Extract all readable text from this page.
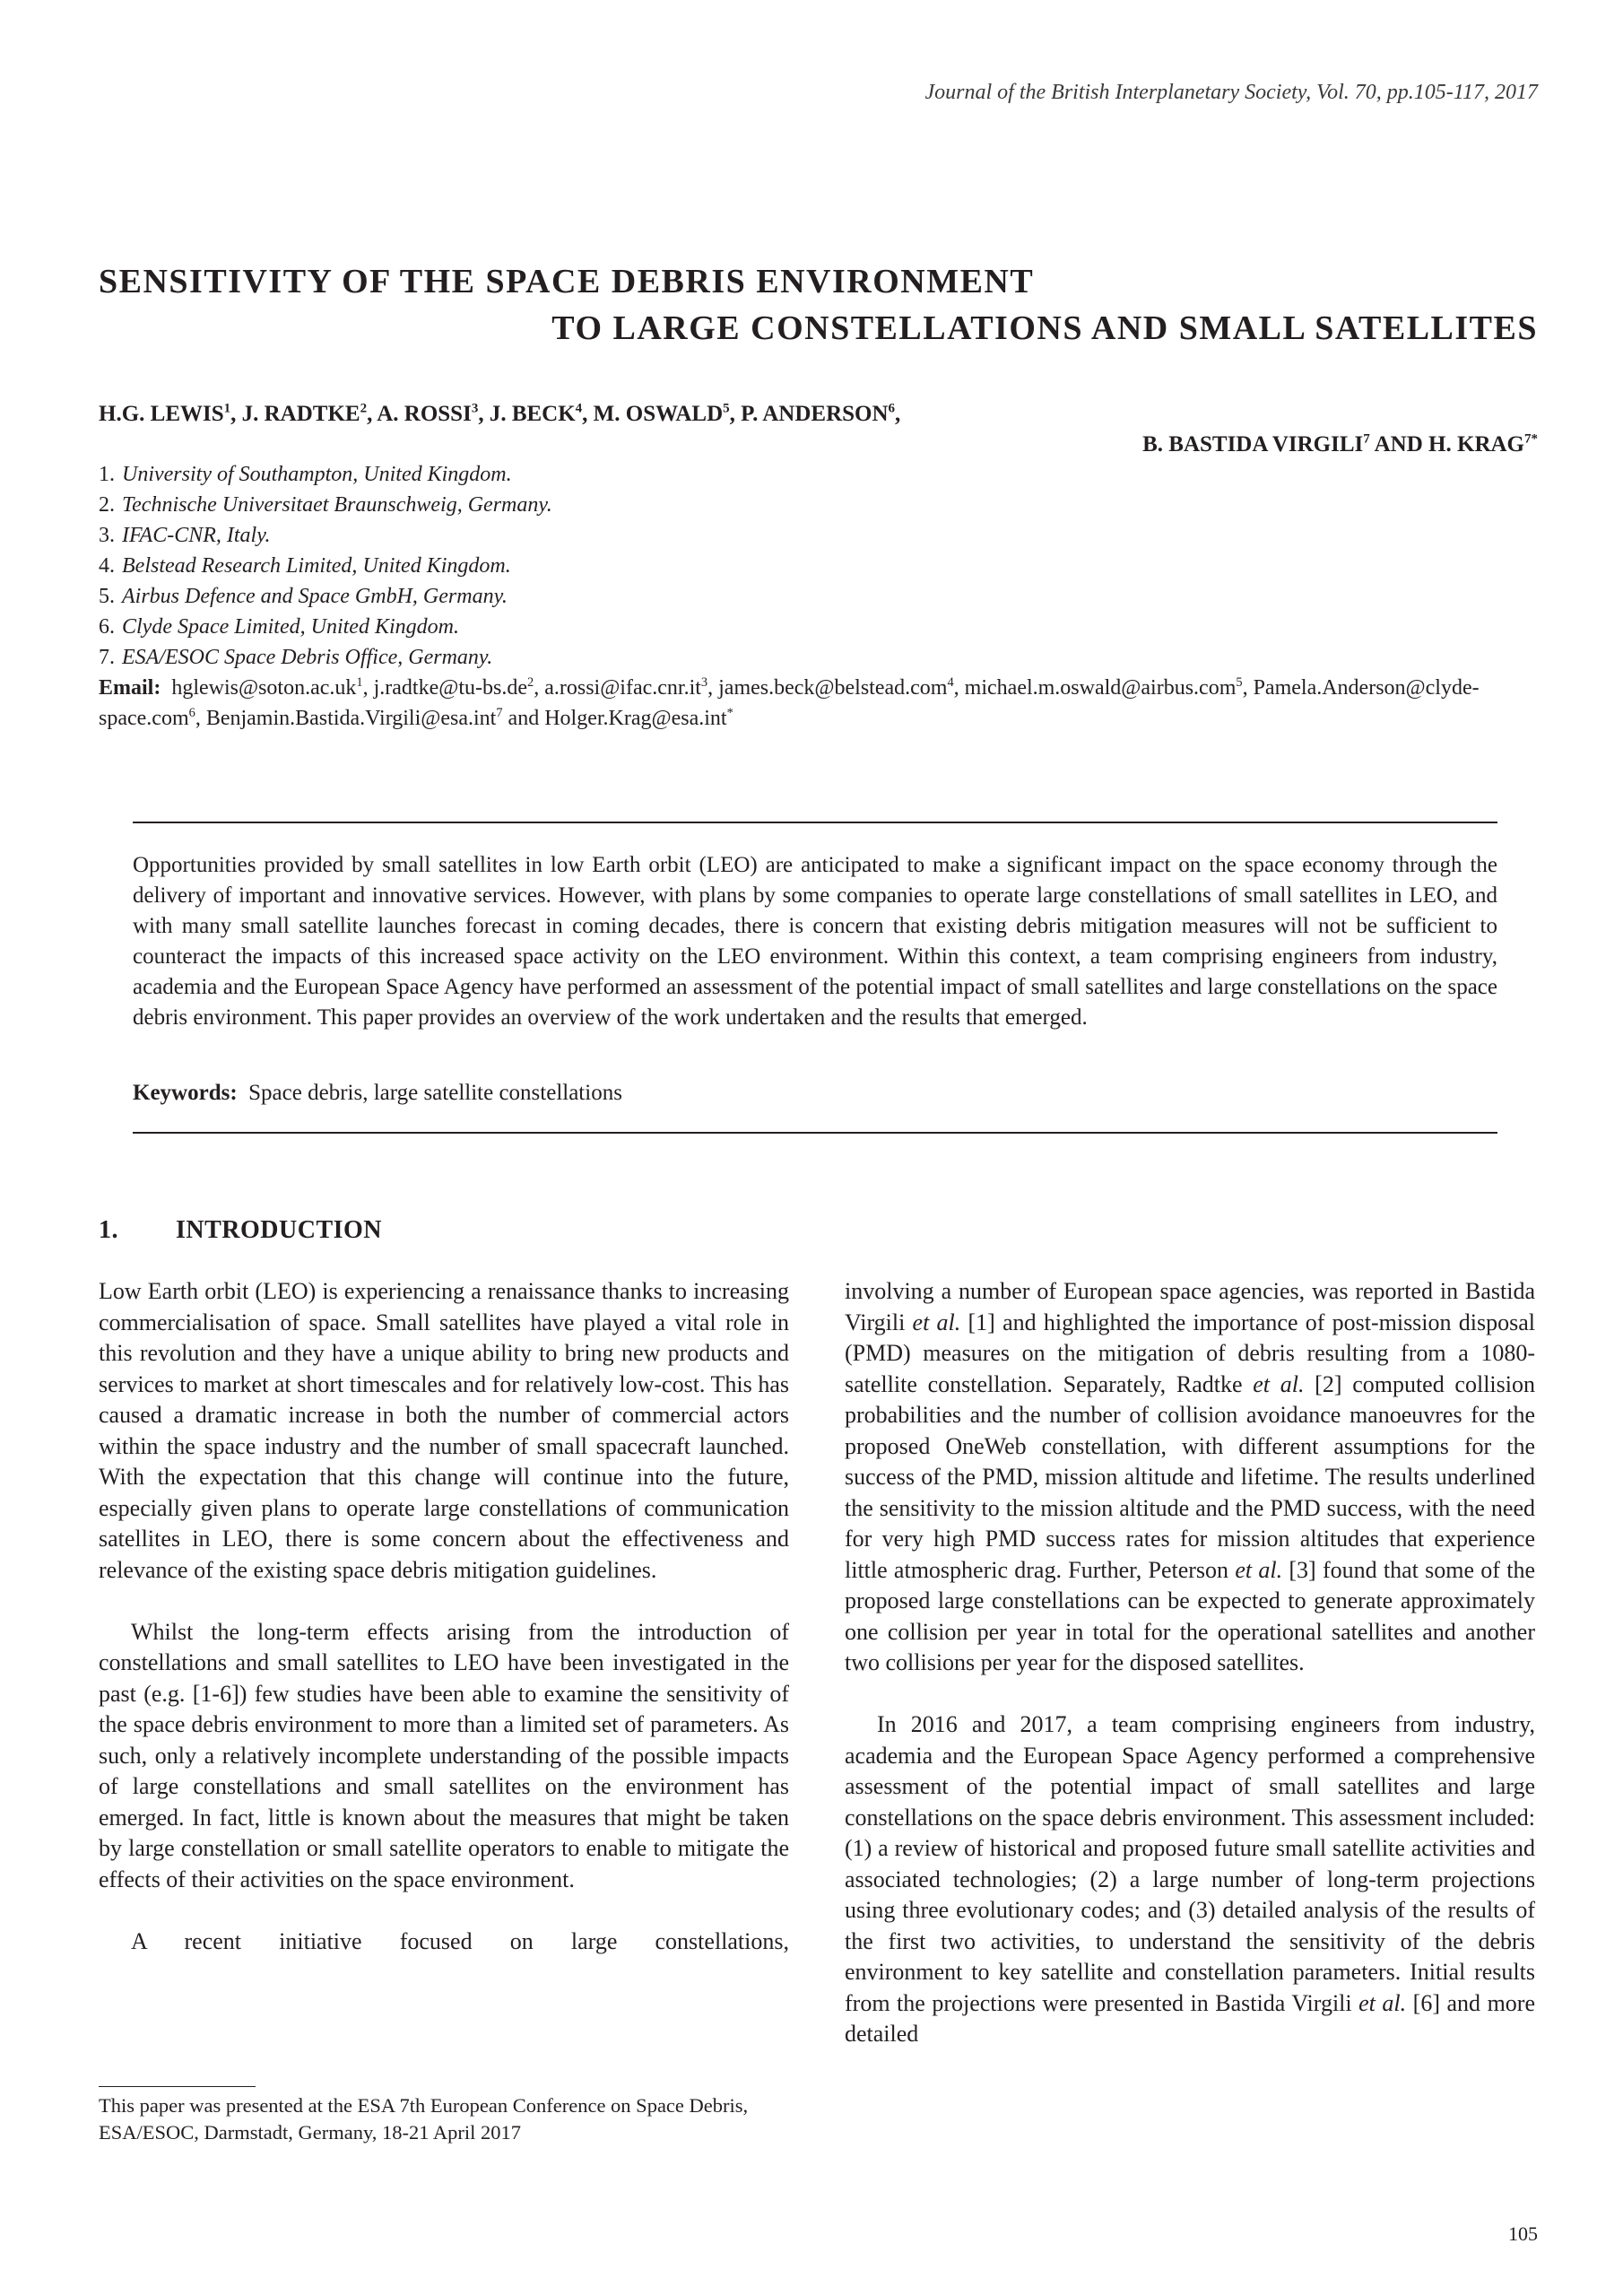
Journal of the British Interplanetary Society, Vol. 70, pp.105-117, 2017
SENSITIVITY OF THE SPACE DEBRIS ENVIRONMENT
TO LARGE CONSTELLATIONS AND SMALL SATELLITES
H.G. LEWIS$^1$, J. RADTKE$^2$, A. ROSSI$^3$, J. BECK$^4$, M. OSWALD$^5$, P. ANDERSON$^6$,
B. BASTIDA VIRGILI$^7$ AND H. $KRAG^{7*}$
1. University of Southampton, United Kingdom.
2. Technische Universitaet Braunschweig, Germany.
3. IFAC-CNR, Italy.
4. Belstead Research Limited, United Kingdom.
5. Airbus Defence and Space GmbH, Germany.
6. Clyde Space Limited, United Kingdom.
7. ESA/ESOC Space Debris Office, Germany.
Email: $hglewis@soton.ac.uk^1$, $j.radtke@tu-bs.de^2$, $a.rossi@ifac.cnr.it^3$, james.beck@belstead.com$^4$, michael.m.oswald@airbus.com$^5$, Pamela.Anderson@clyde-space.com$^6$, Benjamin.Bastida.Virgili@esa.int$^7$ and Holger.Krag@esa.int*
Opportunities provided by small satellites in low Earth orbit (LEO) are anticipated to make a significant impact on the space economy through the delivery of important and innovative services. However, with plans by some companies to operate large constellations of small satellites in LEO, and with many small satellite launches forecast in coming decades, there is concern that existing debris mitigation measures will not be sufficient to counteract the impacts of this increased space activity on the LEO environment. Within this context, a team comprising engineers from industry, academia and the European Space Agency have performed an assessment of the potential impact of small satellites and large constellations on the space debris environment. This paper provides an overview of the work undertaken and the results that emerged.
Keywords: Space debris, large satellite constellations
1. INTRODUCTION

Low Earth orbit (LEO) is experiencing a renaissance thanks to increasing commercialisation of space. Small satellites have played a vital role in this revolution and they have a unique ability to bring new products and services to market at short timescales and for relatively low-cost. This has caused a dramatic increase in both the number of commercial actors within the space industry and the number of small spacecraft launched. With the expectation that this change will continue into the future, especially given plans to operate large constellations of communication satellites in LEO, there is some concern about the effectiveness and relevance of the existing space debris mitigation guidelines.

Whilst the long-term effects arising from the introduction of constellations and small satellites to LEO have been investigated in the past (e.g. [1-6]) few studies have been able to examine the sensitivity of the space debris environment to more than a limited set of parameters. As such, only a relatively incomplete understanding of the possible impacts of large constellations and small satellites on the environment has emerged. In fact, little is known about the measures that might be taken by large constellation or small satellite operators to enable to mitigate the effects of their activities on the space environment.

A recent initiative focused on large constellations,

involving a number of European space agencies, was reported in Bastida Virgili et al. [1] and highlighted the importance of post-mission disposal (PMD) measures on the mitigation of debris resulting from a 1080-satellite constellation. Separately, Radtke et al. [2] computed collision probabilities and the number of collision avoidance manoeuvres for the proposed OneWeb constellation, with different assumptions for the success of the PMD, mission altitude and lifetime. The results underlined the sensitivity to the mission altitude and the PMD success, with the need for very high PMD success rates for mission altitudes that experience little atmospheric drag. Further, Peterson et al. [3] found that some of the proposed large constellations can be expected to generate approximately one collision per year in total for the operational satellites and another two collisions per year for the disposed satellites.

In 2016 and 2017, a team comprising engineers from industry, academia and the European Space Agency performed a comprehensive assessment of the potential impact of small satellites and large constellations on the space debris environment. This assessment included: (1) a review of historical and proposed future small satellite activities and associated technologies; (2) a large number of long-term projections using three evolutionary codes; and (3) detailed analysis of the results of the first two activities, to understand the sensitivity of the debris environment to key satellite and constellation parameters. Initial results from the projections were presented in Bastida Virgili et al. [6] and more detailed

This paper was presented at the ESA 7th European Conference on Space Debris, ESA/ESOC, Darmstadt, Germany, 18-21 April 2017
105
